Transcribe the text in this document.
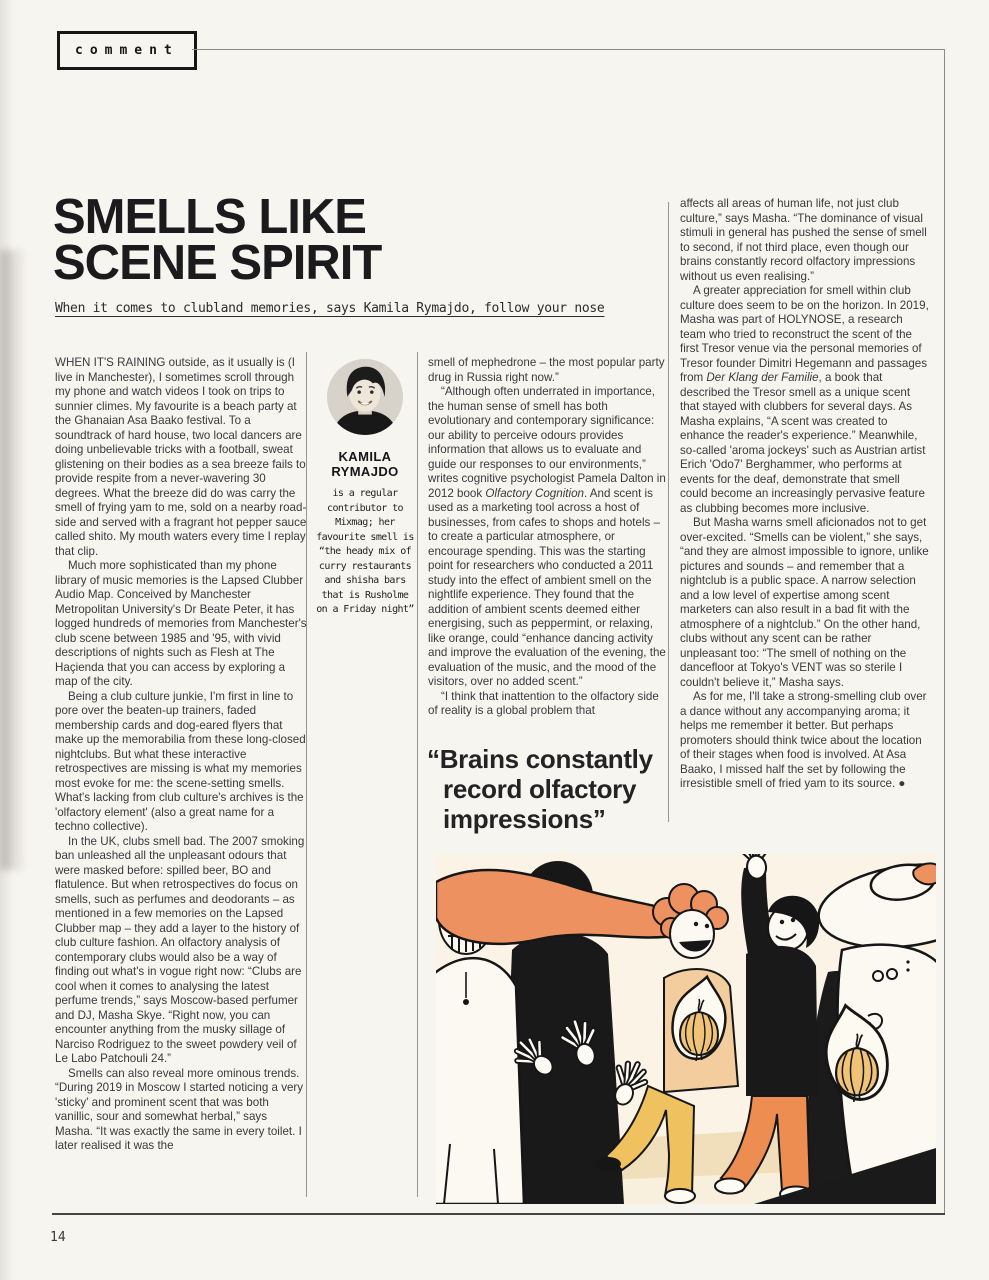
comment
SMELLS LIKE
SCENE SPIRIT
When it comes to clubland memories, says Kamila Rymajdo, follow your nose

WHEN IT'S RAINING outside, as it usually is (I live in Manchester), I sometimes scroll through my phone and watch videos I took on trips to sunnier climes. My favourite is a beach party at the Ghanaian Asa Baako festival. To a soundtrack of hard house, two local dancers are doing unbelievable tricks with a football, sweat glistening on their bodies as a sea breeze fails to provide respite from a never-wavering 30 degrees. What the breeze did do was carry the smell of frying yam to me, sold on a nearby road-side and served with a fragrant hot pepper sauce called shito. My mouth waters every time I replay that clip.

Much more sophisticated than my phone library of music memories is the Lapsed Clubber Audio Map. Conceived by Manchester Metropolitan University's Dr Beate Peter, it has logged hundreds of memories from Manchester's club scene between 1985 and '95, with vivid descriptions of nights such as Flesh at The Haçienda that you can access by exploring a map of the city.

Being a club culture junkie, I'm first in line to pore over the beaten-up trainers, faded membership cards and dog-eared flyers that make up the memorabilia from these long-closed nightclubs. But what these interactive retrospectives are missing is what my memories most evoke for me: the scene-setting smells. What's lacking from club culture's archives is the 'olfactory element' (also a great name for a techno collective).

In the UK, clubs smell bad. The 2007 smoking ban unleashed all the unpleasant odours that were masked before: spilled beer, BO and flatulence. But when retrospectives do focus on smells, such as perfumes and deodorants – as mentioned in a few memories on the Lapsed Clubber map – they add a layer to the history of club culture fashion. An olfactory analysis of contemporary clubs would also be a way of finding out what's in vogue right now: “Clubs are cool when it comes to analysing the latest perfume trends,” says Moscow-based perfumer and DJ, Masha Skye. “Right now, you can encounter anything from the musky sillage of Narciso Rodriguez to the sweet powdery veil of Le Labo Patchouli 24.”

Smells can also reveal more ominous trends. “During 2019 in Moscow I started noticing a very 'sticky' and prominent scent that was both vanillic, sour and somewhat herbal,” says Masha. “It was exactly the same in every toilet. I later realised it was the

KAMILA
RYMAJDO
is a regular contributor to Mixmag; her favourite smell is “the heady mix of curry restaurants and shisha bars that is Rusholme on a Friday night”

smell of mephedrone – the most popular party drug in Russia right now.”

“Although often underrated in importance, the human sense of smell has both evolutionary and contemporary significance: our ability to perceive odours provides information that allows us to evaluate and guide our responses to our environments,” writes cognitive psychologist Pamela Dalton in 2012 book Olfactory Cognition. And scent is used as a marketing tool across a host of businesses, from cafes to shops and hotels – to create a particular atmosphere, or encourage spending. This was the starting point for researchers who conducted a 2011 study into the effect of ambient smell on the nightlife experience. They found that the addition of ambient scents deemed either energising, such as peppermint, or relaxing, like orange, could “enhance dancing activity and improve the evaluation of the evening, the evaluation of the music, and the mood of the visitors, over no added scent.”

“I think that inattention to the olfactory side of reality is a global problem that

“Brains constantly record olfactory impressions”

affects all areas of human life, not just club culture,” says Masha. “The dominance of visual stimuli in general has pushed the sense of smell to second, if not third place, even though our brains constantly record olfactory impressions without us even realising.”

A greater appreciation for smell within club culture does seem to be on the horizon. In 2019, Masha was part of HOLYNOSE, a research team who tried to reconstruct the scent of the first Tresor venue via the personal memories of Tresor founder Dimitri Hegemann and passages from Der Klang der Familie, a book that described the Tresor smell as a unique scent that stayed with clubbers for several days. As Masha explains, “A scent was created to enhance the reader's experience.” Meanwhile, so-called 'aroma jockeys' such as Austrian artist Erich 'Odo7' Berghammer, who performs at events for the deaf, demonstrate that smell could become an increasingly pervasive feature as clubbing becomes more inclusive.

But Masha warns smell aficionados not to get over-excited. “Smells can be violent,” she says, “and they are almost impossible to ignore, unlike pictures and sounds – and remember that a nightclub is a public space. A narrow selection and a low level of expertise among scent marketers can also result in a bad fit with the atmosphere of a nightclub.” On the other hand, clubs without any scent can be rather unpleasant too: “The smell of nothing on the dancefloor at Tokyo's VENT was so sterile I couldn't believe it,” Masha says.

As for me, I'll take a strong-smelling club over a dance without any accompanying aroma; it helps me remember it better. But perhaps promoters should think twice about the location of their stages when food is involved. At Asa Baako, I missed half the set by following the irresistible smell of fried yam to its source. ●

14
